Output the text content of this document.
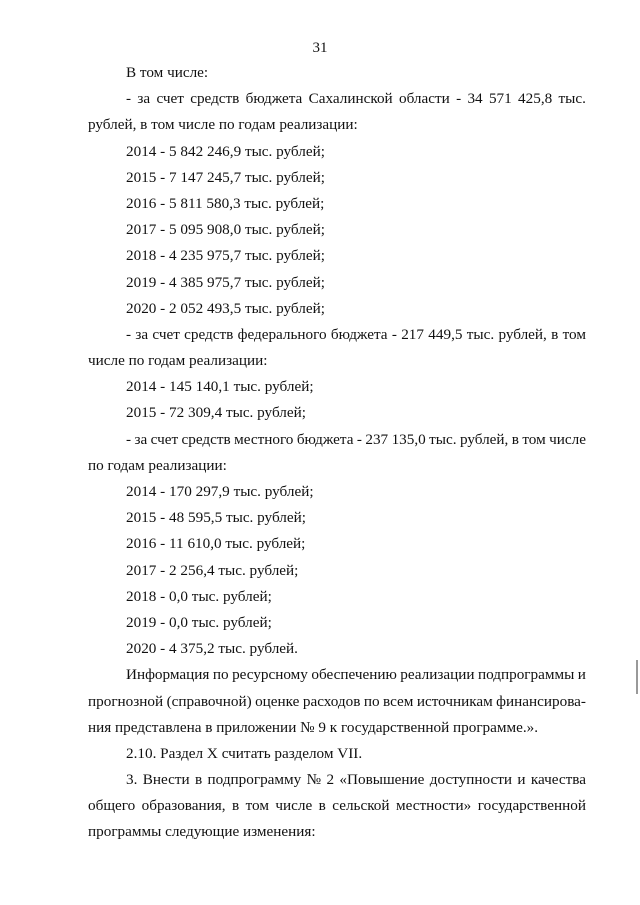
31
В том числе:
- за счет средств бюджета Сахалинской области - 34 571 425,8 тыс.
рублей, в том числе по годам реализации:
2014 - 5 842 246,9 тыс. рублей;
2015 - 7 147 245,7 тыс. рублей;
2016 - 5 811 580,3 тыс. рублей;
2017 - 5 095 908,0 тыс. рублей;
2018 - 4 235 975,7 тыс. рублей;
2019 - 4 385 975,7 тыс. рублей;
2020 - 2 052 493,5 тыс. рублей;
- за счет средств федерального бюджета - 217 449,5 тыс. рублей, в том
числе по годам реализации:
2014 - 145 140,1 тыс. рублей;
2015 - 72 309,4 тыс. рублей;
- за счет средств местного бюджета - 237 135,0 тыс. рублей, в том числе
по годам реализации:
2014 - 170 297,9 тыс. рублей;
2015 - 48 595,5 тыс. рублей;
2016 - 11 610,0 тыс. рублей;
2017 - 2 256,4 тыс. рублей;
2018 - 0,0 тыс. рублей;
2019 - 0,0 тыс. рублей;
2020 - 4 375,2 тыс. рублей.
Информация по ресурсному обеспечению реализации подпрограммы и
прогнозной (справочной) оценке расходов по всем источникам финансирова-
ния представлена в приложении № 9 к государственной программе.».
2.10. Раздел X считать разделом VII.
3. Внести в подпрограмму № 2 «Повышение доступности и качества
общего образования, в том числе в сельской местности» государственной
программы следующие изменения:
